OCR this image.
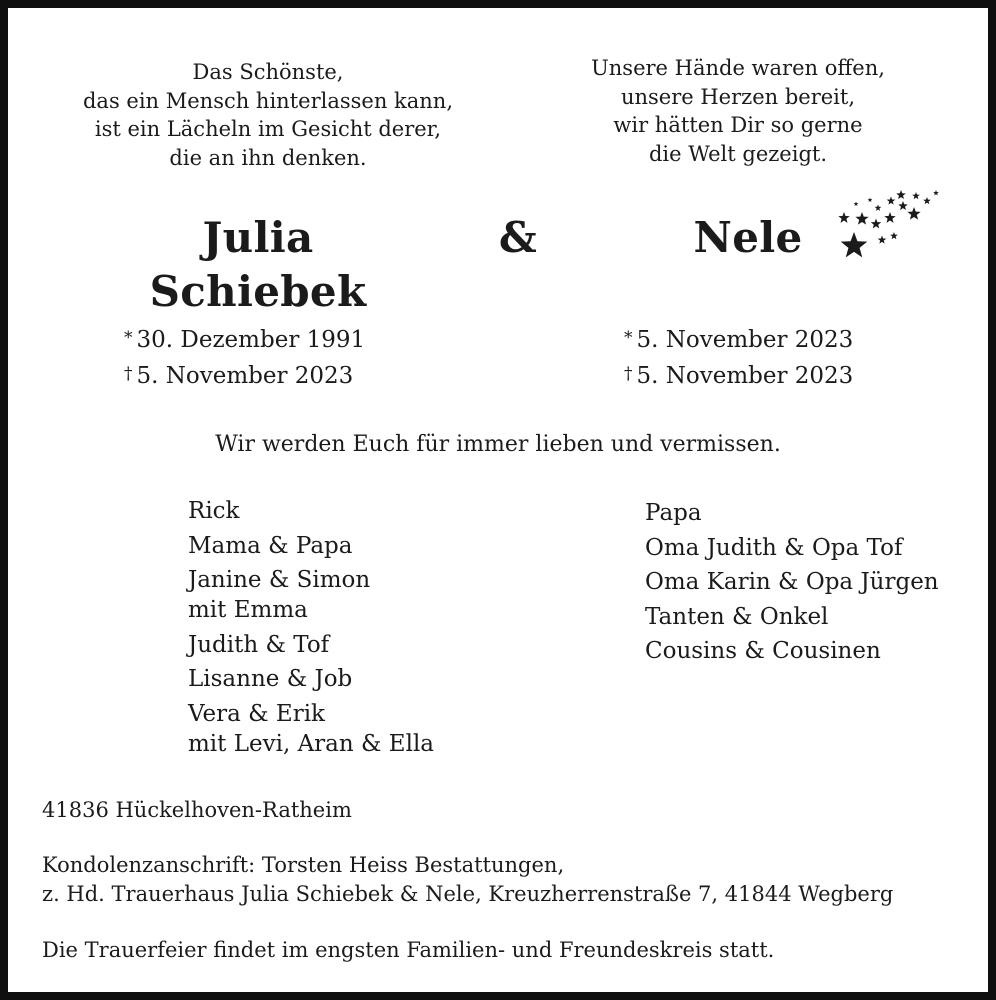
Das Schönste,
das ein Mensch hinterlassen kann,
ist ein Lächeln im Gesicht derer,
die an ihn denken.
Unsere Hände waren offen,
unsere Herzen bereit,
wir hätten Dir so gerne
die Welt gezeigt.
Julia
Schiebek
&	Nele
* 30. Dezember 1991
† 5. November 2023
* 5. November 2023
† 5. November 2023
Wir werden Euch für immer lieben und vermissen.
Rick
Mama & Papa
Janine & Simon
mit Emma
Judith & Tof
Lisanne & Job
Vera & Erik
mit Levi, Aran & Ella
Papa
Oma Judith & Opa Tof
Oma Karin & Opa Jürgen
Tanten & Onkel
Cousins & Cousinen
41836 Hückelhoven-Ratheim
Kondolenzanschrift: Torsten Heiss Bestattungen,
z. Hd. Trauerhaus Julia Schiebek & Nele, Kreuzherrenstraße 7, 41844 Wegberg
Die Trauerfeier findet im engsten Familien- und Freundeskreis statt.
